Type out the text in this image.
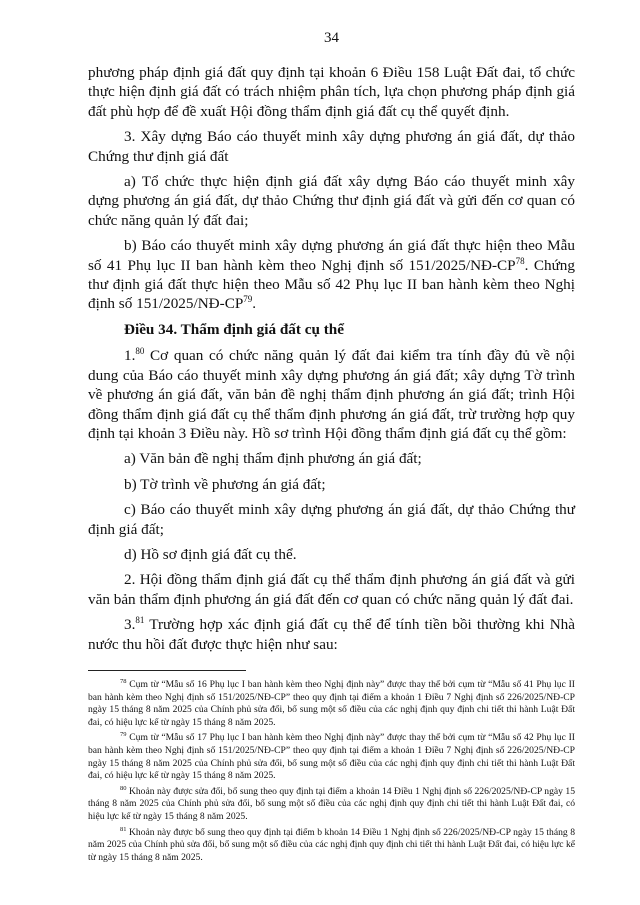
34

phương pháp định giá đất quy định tại khoản 6 Điều 158 Luật Đất đai, tổ chức thực hiện định giá đất có trách nhiệm phân tích, lựa chọn phương pháp định giá đất phù hợp để đề xuất Hội đồng thẩm định giá đất cụ thể quyết định.

3. Xây dựng Báo cáo thuyết minh xây dựng phương án giá đất, dự thảo Chứng thư định giá đất

a) Tổ chức thực hiện định giá đất xây dựng Báo cáo thuyết minh xây dựng phương án giá đất, dự thảo Chứng thư định giá đất và gửi đến cơ quan có chức năng quản lý đất đai;

b) Báo cáo thuyết minh xây dựng phương án giá đất thực hiện theo Mẫu số 41 Phụ lục II ban hành kèm theo Nghị định số 151/2025/NĐ-CP$^{78}$. Chứng thư định giá đất thực hiện theo Mẫu số 42 Phụ lục II ban hành kèm theo Nghị định số 151/2025/NĐ-CP$^{79}$.

Điều 34. Thẩm định giá đất cụ thể

1.80 Cơ quan có chức năng quản lý đất đai kiểm tra tính đầy đủ về nội dung của Báo cáo thuyết minh xây dựng phương án giá đất; xây dựng Tờ trình về phương án giá đất, văn bản đề nghị thẩm định phương án giá đất; trình Hội đồng thẩm định giá đất cụ thể thẩm định phương án giá đất, trừ trường hợp quy định tại khoản 3 Điều này. Hồ sơ trình Hội đồng thẩm định giá đất cụ thể gồm:

a) Văn bản đề nghị thẩm định phương án giá đất;

b) Tờ trình về phương án giá đất;

c) Báo cáo thuyết minh xây dựng phương án giá đất, dự thảo Chứng thư định giá đất;

d) Hồ sơ định giá đất cụ thể.

2. Hội đồng thẩm định giá đất cụ thể thẩm định phương án giá đất và gửi văn bản thẩm định phương án giá đất đến cơ quan có chức năng quản lý đất đai.

3.81 Trường hợp xác định giá đất cụ thể để tính tiền bồi thường khi Nhà nước thu hồi đất được thực hiện như sau:

$^{78}$ Cụm từ “Mẫu số 16 Phụ lục I ban hành kèm theo Nghị định này” được thay thế bởi cụm từ “Mẫu số 41 Phụ lục II ban hành kèm theo Nghị định số 151/2025/NĐ-CP” theo quy định tại điểm a khoản 1 Điều 7 Nghị định số 226/2025/NĐ-CP ngày 15 tháng 8 năm 2025 của Chính phủ sửa đổi, bổ sung một số điều của các nghị định quy định chi tiết thi hành Luật Đất đai, có hiệu lực kể từ ngày 15 tháng 8 năm 2025.

$^{79}$ Cụm từ “Mẫu số 17 Phụ lục I ban hành kèm theo Nghị định này” được thay thế bởi cụm từ “Mẫu số 42 Phụ lục II ban hành kèm theo Nghị định số 151/2025/NĐ-CP” theo quy định tại điểm a khoản 1 Điều 7 Nghị định số 226/2025/NĐ-CP ngày 15 tháng 8 năm 2025 của Chính phủ sửa đổi, bổ sung một số điều của các nghị định quy định chi tiết thi hành Luật Đất đai, có hiệu lực kể từ ngày 15 tháng 8 năm 2025.

$^{80}$ Khoản này được sửa đổi, bổ sung theo quy định tại điểm a khoản 14 Điều 1 Nghị định số 226/2025/NĐ-CP ngày 15 tháng 8 năm 2025 của Chính phủ sửa đổi, bổ sung một số điều của các nghị định quy định chi tiết thi hành Luật Đất đai, có hiệu lực kể từ ngày 15 tháng 8 năm 2025.

$^{81}$ Khoản này được bổ sung theo quy định tại điểm b khoản 14 Điều 1 Nghị định số 226/2025/NĐ-CP ngày 15 tháng 8 năm 2025 của Chính phủ sửa đổi, bổ sung một số điều của các nghị định quy định chi tiết thi hành Luật Đất đai, có hiệu lực kể từ ngày 15 tháng 8 năm 2025.
